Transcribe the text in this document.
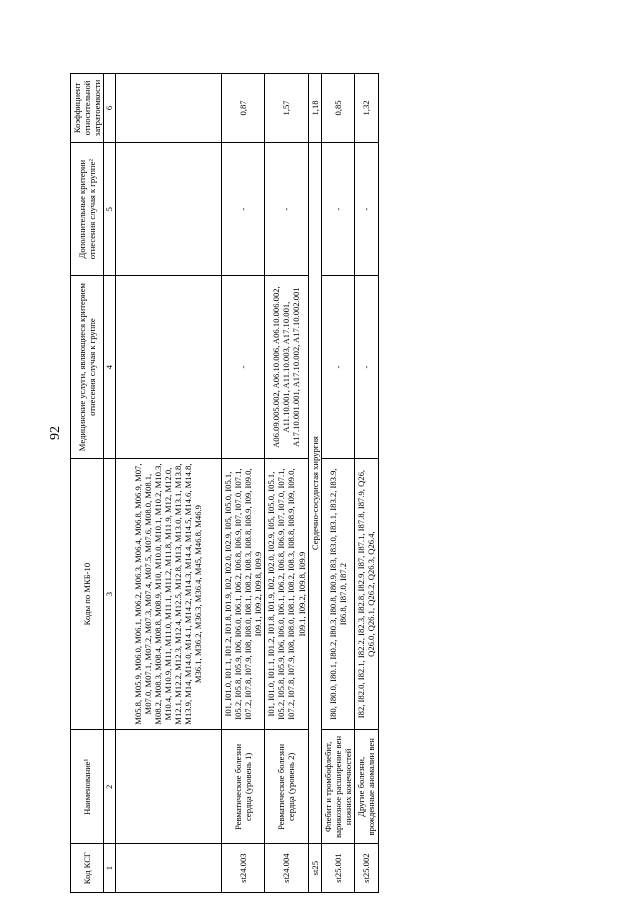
92
Код КСГ	Наименование¹	Коды по МКБ-10	Медицинские услуги, являющиеся критерием отнесения случая к группе	Дополнительные критерии отнесения случая к группе²	Коэффициент относительной затратоемкости
1	2	3	4	5	6
		M05.8, M05.9, M06.0, M06.1, M06.2, M06.3, M06.4, M06.8, M06.9, M07, M07.0, M07.1, M07.2, M07.3, M07.4, M07.5, M07.6, M08.0, M08.1, M08.2, M08.3, M08.4, M08.8, M08.9, M10, M10.0, M10.1, M10.2, M10.3, M10.4, M10.9, M11, M11.0, M11.1, M11.2, M11.8, M11.9, M12, M12.0, M12.1, M12.2, M12.3, M12.4, M12.5, M12.8, M13, M13.0, M13.1, M13.8, M13.9, M14, M14.0, M14.1, M14.2, M14.3, M14.4, M14.5, M14.6, M14.8, M36.1, M36.2, M36.3, M36.4, M45, M46.8, M46.9			
st24.003	Ревматические болезни сердца (уровень 1)	I01, I01.0, I01.1, I01.2, I01.8, I01.9, I02, I02.0, I02.9, I05, I05.0, I05.1, I05.2, I05.8, I05.9, I06, I06.0, I06.1, I06.2, I06.8, I06.9, I07, I07.0, I07.1, I07.2, I07.8, I07.9, I08, I08.0, I08.1, I08.2, I08.3, I08.8, I08.9, I09, I09.0, I09.1, I09.2, I09.8, I09.9	-	-	0,87
st24.004	Ревматические болезни сердца (уровень 2)	I01, I01.0, I01.1, I01.2, I01.8, I01.9, I02, I02.0, I02.9, I05, I05.0, I05.1, I05.2, I05.8, I05.9, I06, I06.0, I06.1, I06.2, I06.8, I06.9, I07, I07.0, I07.1, I07.2, I07.8, I07.9, I08, I08.0, I08.1, I08.2, I08.3, I08.8, I08.9, I09, I09.0, I09.1, I09.2, I09.8, I09.9	A06.09.005.002, A06.10.006, A06.10.006.002, A11.10.001, A11.10.003, A17.10.001, A17.10.001.001, A17.10.002, A17.10.002.001	-	1,57
st25	Сердечно-сосудистая хирургия				1,18
st25.001	Флебит и тромбофлебит, варикозное расширение вен нижних конечностей	I80, I80.0, I80.1, I80.2, I80.3, I80.8, I80.9, I83, I83.0, I83.1, I83.2, I83.9, I86.8, I87.0, I87.2	-	-	0,85
st25.002	Другие болезни, врожденные аномалии вен	I82, I82.0, I82.1, I82.2, I82.3, I82.8, I82.9, I87, I87.1, I87.8, I87.9, Q26, Q26.0, Q26.1, Q26.2, Q26.3, Q26.4,	-	-	1,32
